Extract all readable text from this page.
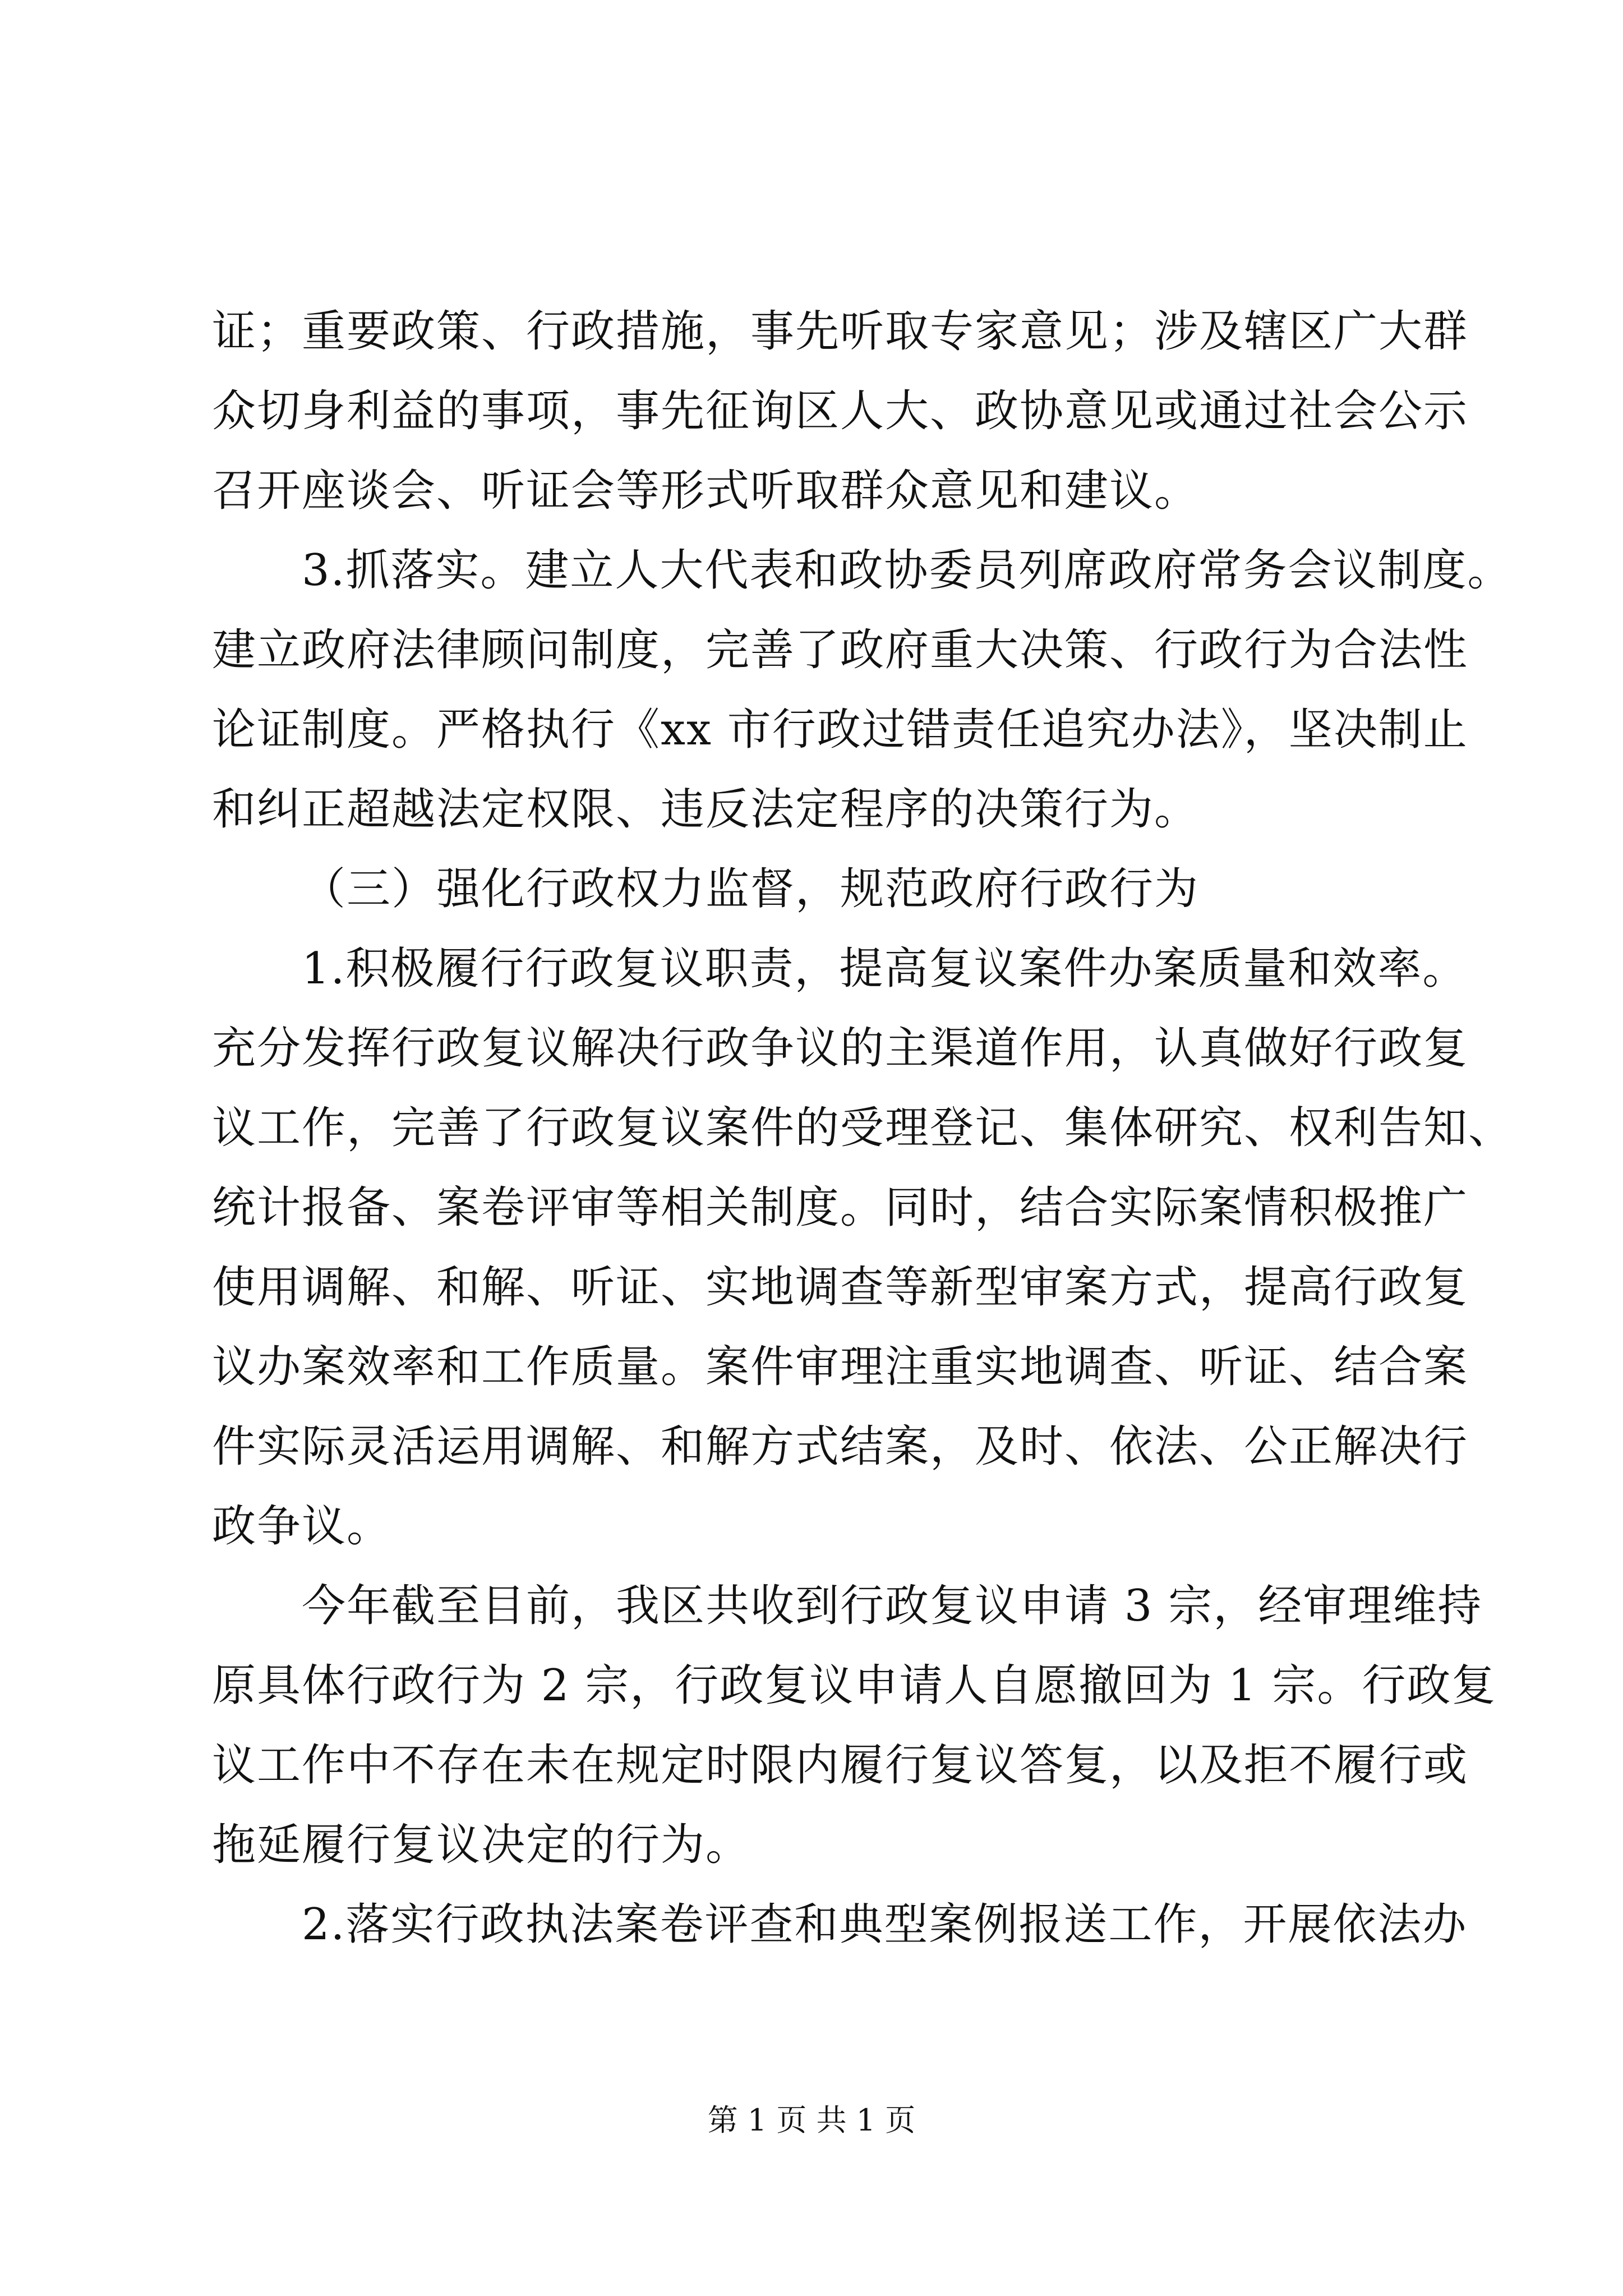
证；重要政策、行政措施，事先听取专家意见；涉及辖区广大群
众切身利益的事项，事先征询区人大、政协意见或通过社会公示
召开座谈会、听证会等形式听取群众意见和建议。
3.抓落实。建立人大代表和政协委员列席政府常务会议制度。
建立政府法律顾问制度，完善了政府重大决策、行政行为合法性
论证制度。严格执行《xx 市行政过错责任追究办法》，坚决制止
和纠正超越法定权限、违反法定程序的决策行为。
（三）强化行政权力监督，规范政府行政行为
1.积极履行行政复议职责，提高复议案件办案质量和效率。
充分发挥行政复议解决行政争议的主渠道作用，认真做好行政复
议工作，完善了行政复议案件的受理登记、集体研究、权利告知、
统计报备、案卷评审等相关制度。同时，结合实际案情积极推广
使用调解、和解、听证、实地调查等新型审案方式，提高行政复
议办案效率和工作质量。案件审理注重实地调查、听证、结合案
件实际灵活运用调解、和解方式结案，及时、依法、公正解决行
政争议。
今年截至目前，我区共收到行政复议申请 3 宗，经审理维持
原具体行政行为 2 宗，行政复议申请人自愿撤回为 1 宗。行政复
议工作中不存在未在规定时限内履行复议答复，以及拒不履行或
拖延履行复议决定的行为。
2.落实行政执法案卷评查和典型案例报送工作，开展依法办
第 1 页 共 1 页
